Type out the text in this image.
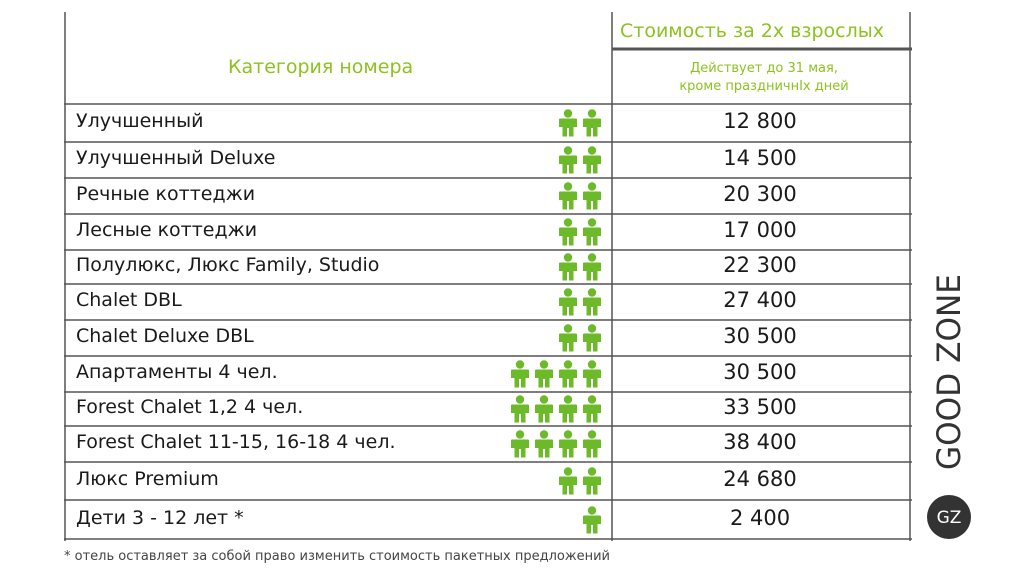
Категория номера
Стоимость за 2х взрослых
Действует до 31 мая,
кроме праздничнІх дней
Улучшенный	12 800
Улучшенный Deluxe	14 500
Речные коттеджи	20 300
Лесные коттеджи	17 000
Полулюкс, Люкс Family, Studio	22 300
Chalet DBL	27 400
Chalet Deluxe DBL	30 500
Апартаменты 4 чел.	30 500
Forest Chalet 1,2 4 чел.	33 500
Forest Chalet 11-15, 16-18 4 чел.	38 400
Люкс Premium	24 680
Дети 3 - 12 лет *	2 400
* отель оставляет за собой право изменить стоимость пакетных предложений
GOOD ZONE
GZ
